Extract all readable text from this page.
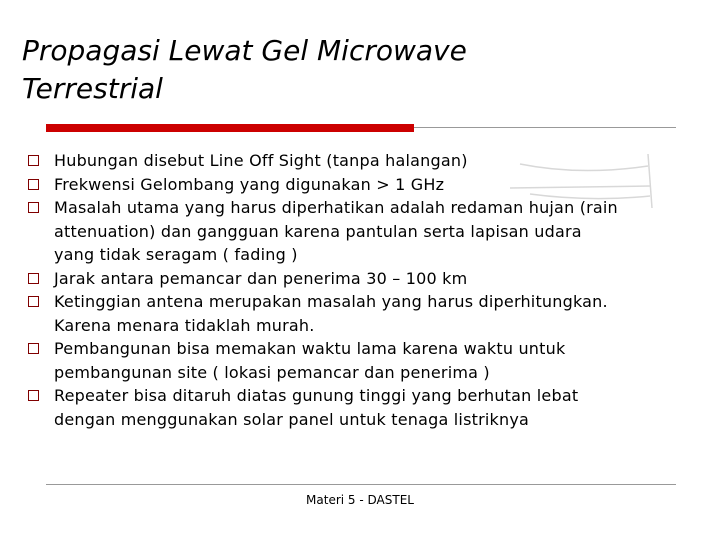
Propagasi Lewat Gel Microwave
Terrestrial
Hubungan disebut Line Off Sight (tanpa halangan)
Frekwensi Gelombang yang digunakan > 1 GHz
Masalah utama yang harus diperhatikan adalah redaman hujan (rain
attenuation) dan gangguan karena pantulan serta lapisan udara
yang tidak seragam ( fading )
Jarak antara pemancar dan penerima 30 – 100 km
Ketinggian antena merupakan masalah yang harus diperhitungkan.
Karena menara tidaklah murah.
Pembangunan bisa memakan waktu lama karena waktu untuk
pembangunan site ( lokasi pemancar dan penerima )
Repeater bisa ditaruh diatas gunung tinggi yang berhutan lebat
dengan menggunakan solar panel untuk tenaga listriknya
Materi 5 - DASTEL
